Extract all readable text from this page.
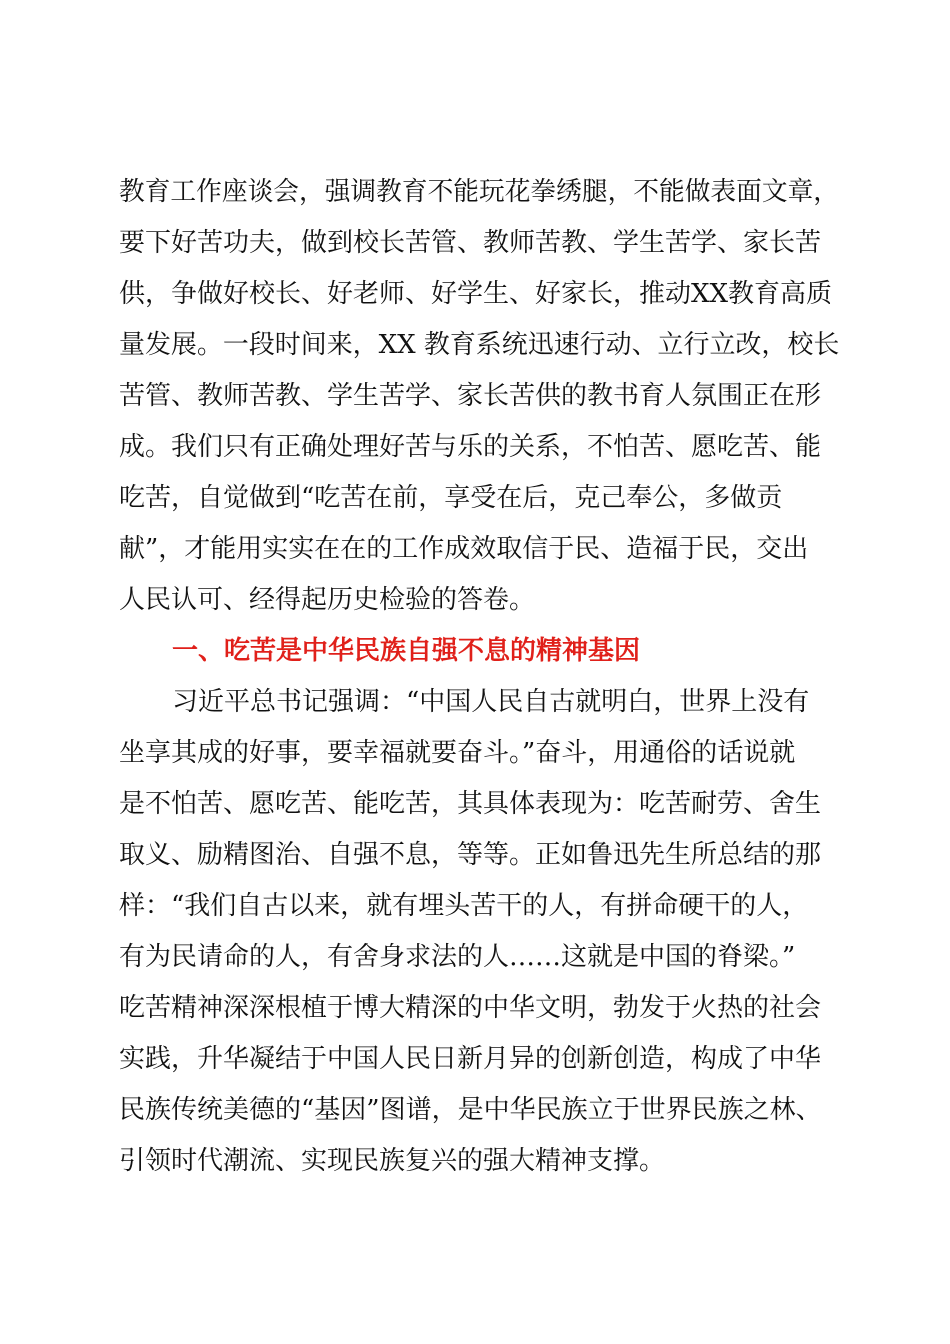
教育工作座谈会，强调教育不能玩花拳绣腿，不能做表面文章，
要下好苦功夫，做到校长苦管、教师苦教、学生苦学、家长苦
供，争做好校长、好老师、好学生、好家长，推动XX教育高质
量发展。一段时间来，XX 教育系统迅速行动、立行立改，校长
苦管、教师苦教、学生苦学、家长苦供的教书育人氛围正在形
成。我们只有正确处理好苦与乐的关系，不怕苦、愿吃苦、能
吃苦，自觉做到“吃苦在前，享受在后，克己奉公，多做贡
献”，才能用实实在在的工作成效取信于民、造福于民，交出
人民认可、经得起历史检验的答卷。
一、吃苦是中华民族自强不息的精神基因
习近平总书记强调：“中国人民自古就明白，世界上没有
坐享其成的好事，要幸福就要奋斗。”奋斗，用通俗的话说就
是不怕苦、愿吃苦、能吃苦，其具体表现为：吃苦耐劳、舍生
取义、励精图治、自强不息，等等。正如鲁迅先生所总结的那
样：“我们自古以来，就有埋头苦干的人，有拼命硬干的人，
有为民请命的人，有舍身求法的人……这就是中国的脊梁。”
吃苦精神深深根植于博大精深的中华文明，勃发于火热的社会
实践，升华凝结于中国人民日新月异的创新创造，构成了中华
民族传统美德的“基因”图谱，是中华民族立于世界民族之林、
引领时代潮流、实现民族复兴的强大精神支撑。
